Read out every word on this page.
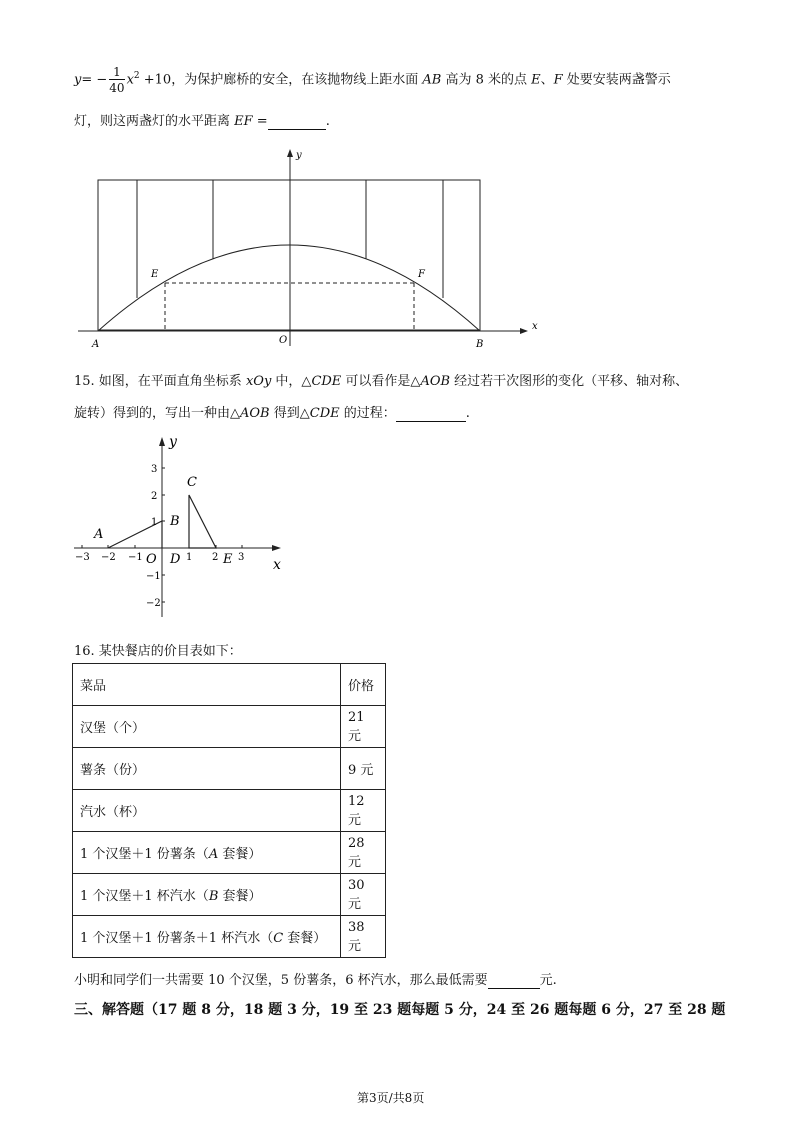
$y= - \frac{1}{40} x^2 +10$，为保护廊桥的安全，在该抛物线上距水面 AB 高为 8 米的点 E、F 处要安装两盏警示
灯，则这两盏灯的水平距离 EF =	.
y
x
E	F
A	B
O
15. 如图，在平面直角坐标系 xOy 中，△CDE 可以看作是△AOB 经过若干次图形的变化（平移、轴对称、
旋转）得到的，写出一种由△AOB 得到△CDE 的过程：	.
−3 −2 −1	1 2 3
3
2
1
−1
−2
y
x
A
B
C
D	E
O
16. 某快餐店的价目表如下：
菜品	价格
汉堡（个）	21 元
薯条（份）	9 元
汽水（杯）	12 元
1 个汉堡＋1 份薯条（A 套餐）	28 元
1 个汉堡＋1 杯汽水（B 套餐）	30 元
1 个汉堡＋1 份薯条＋1 杯汽水（C 套餐）	38 元
小明和同学们一共需要 10 个汉堡，5 份薯条，6 杯汽水，那么最低需要	元.
三、解答题（17 题 8 分，18 题 3 分，19 至 23 题每题 5 分，24 至 26 题每题 6 分，27 至 28 题
第3页/共8页
